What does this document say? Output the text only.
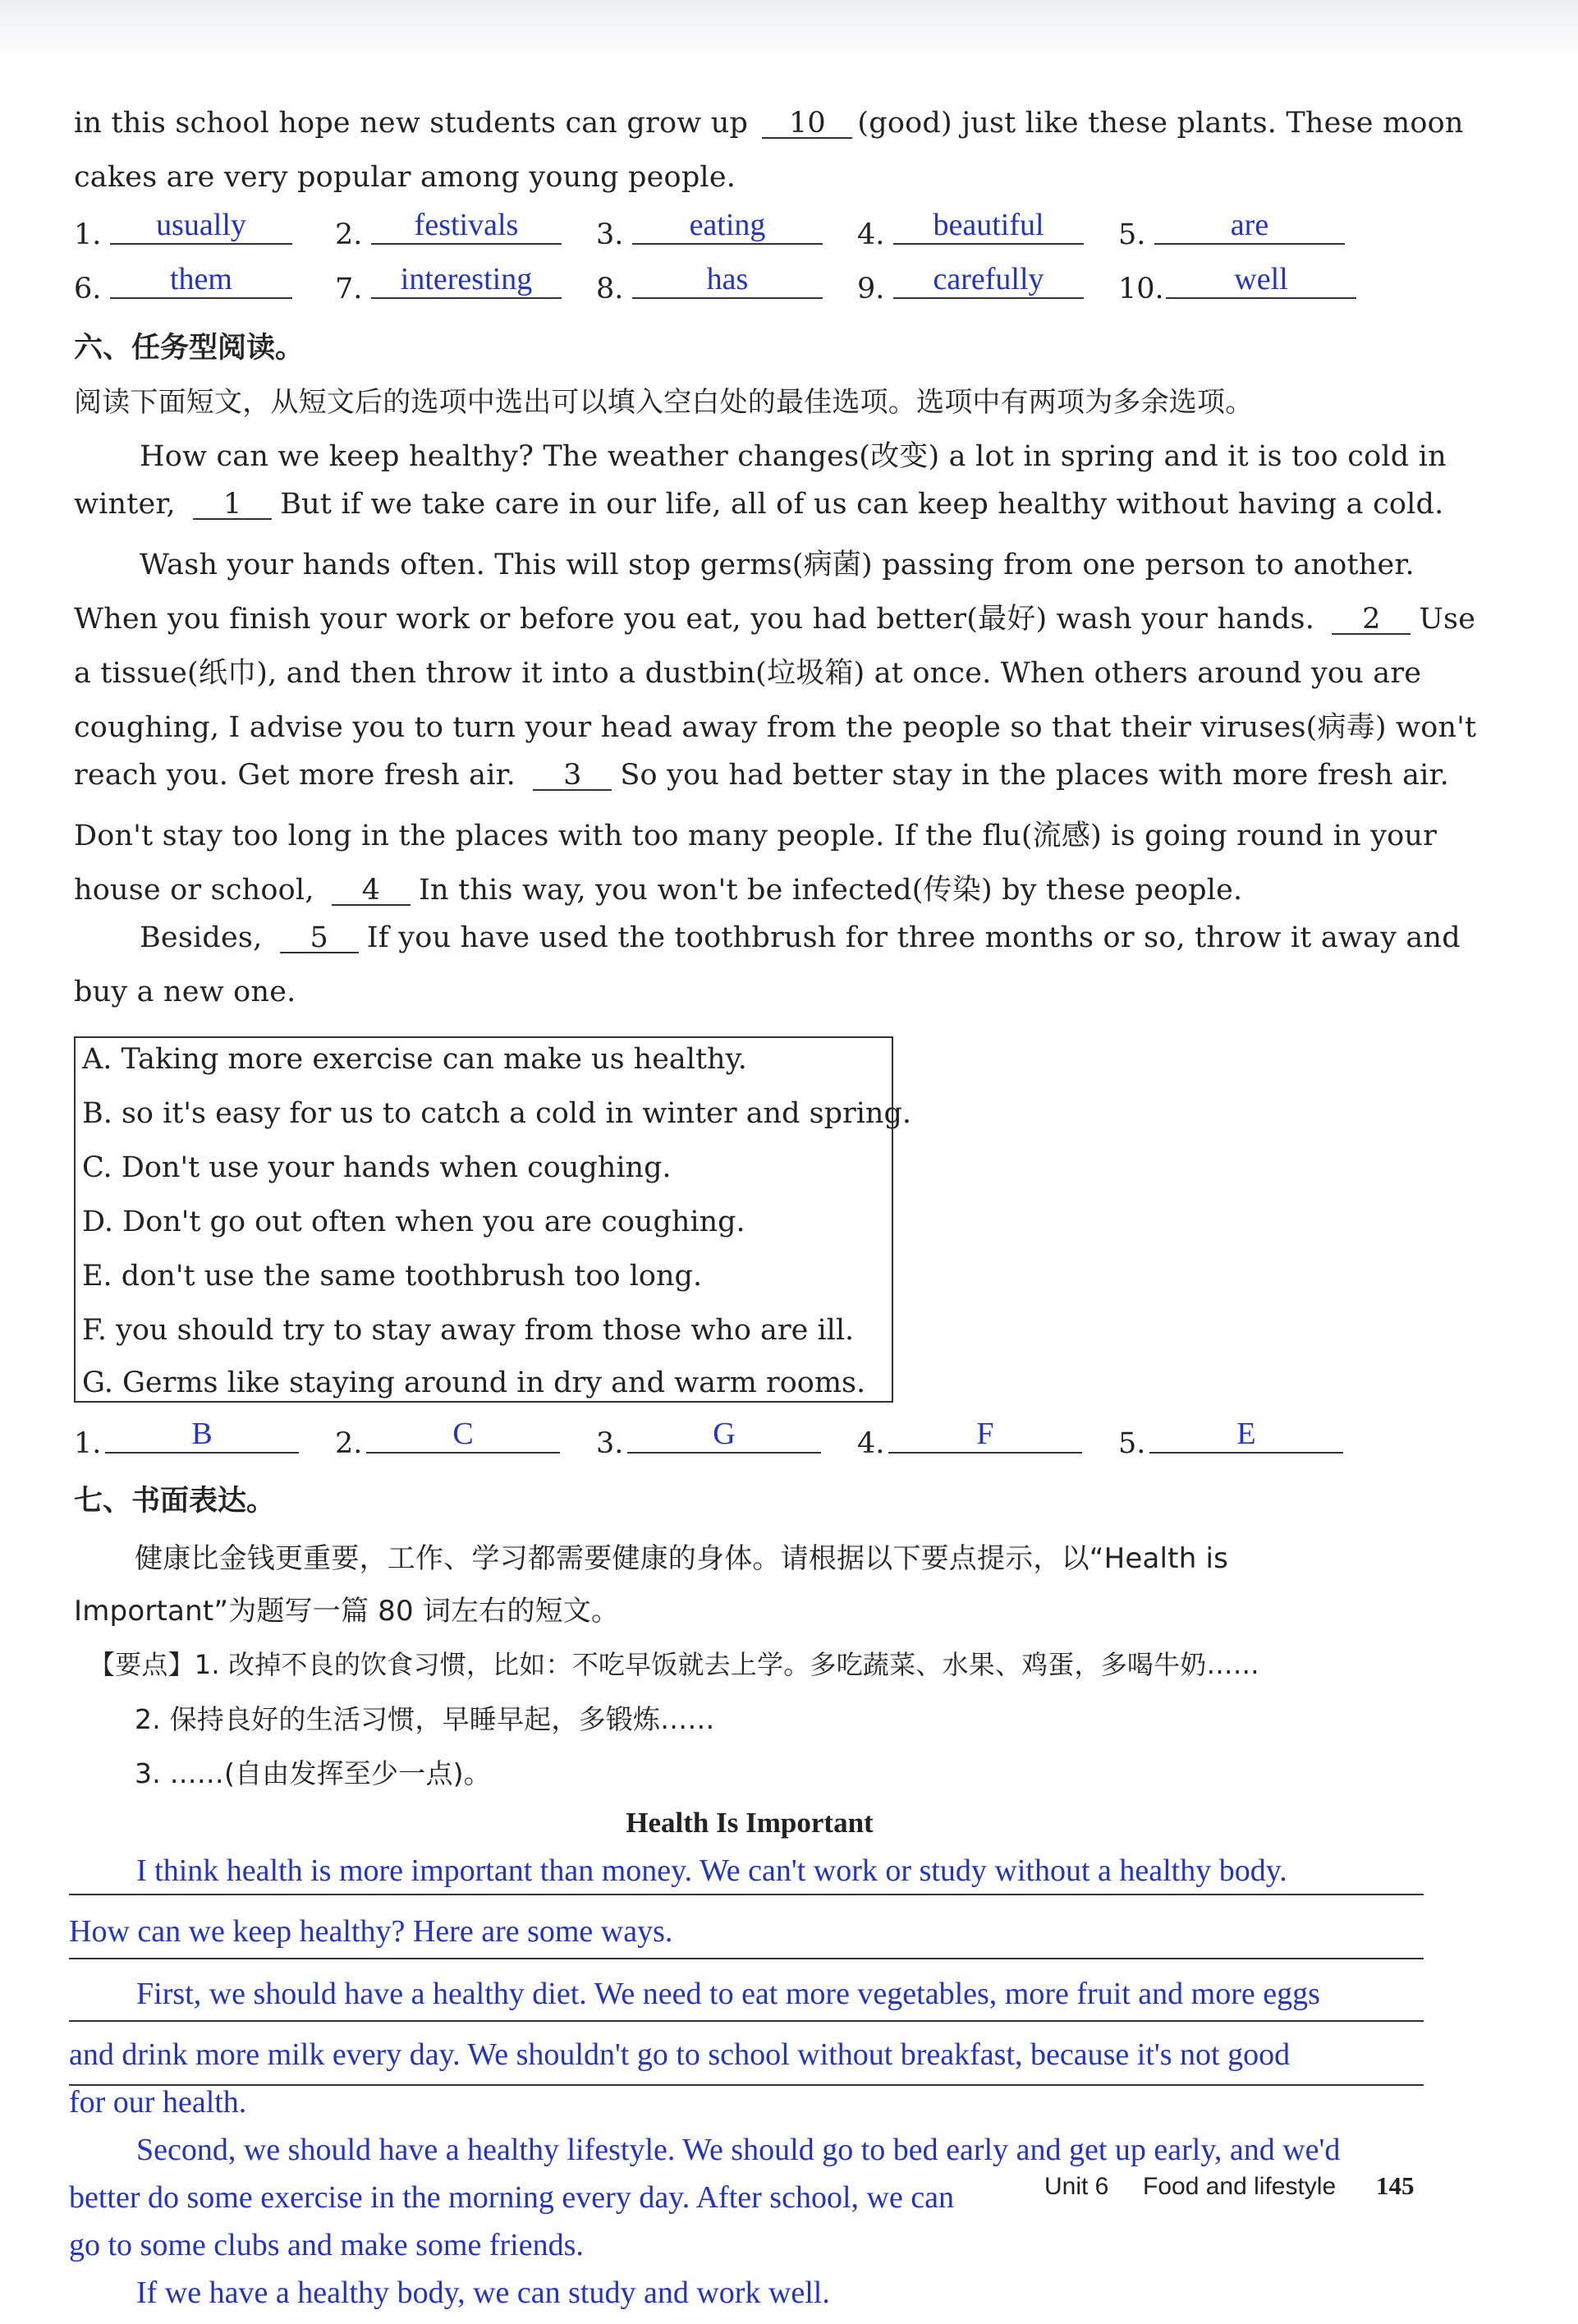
in this school hope new students can grow up 10 (good) just like these plants. These moon
cakes are very popular among young people.
1.	usually	2.	festivals	3.	eating	4.	beautiful	5.	are
6.	them	7.	interesting	8.	has	9.	carefully	10.	well
六、任务型阅读。
阅读下面短文，从短文后的选项中选出可以填入空白处的最佳选项。选项中有两项为多余选项。
How can we keep healthy? The weather changes(改变) a lot in spring and it is too cold in
winter, 1 But if we take care in our life, all of us can keep healthy without having a cold.
Wash your hands often. This will stop germs(病菌) passing from one person to another.
When you finish your work or before you eat, you had better(最好) wash your hands. 2 Use
a tissue(纸巾), and then throw it into a dustbin(垃圾箱) at once. When others around you are
coughing, I advise you to turn your head away from the people so that their viruses(病毒) won't
reach you. Get more fresh air. 3 So you had better stay in the places with more fresh air.
Don't stay too long in the places with too many people. If the flu(流感) is going round in your
house or school, 4 In this way, you won't be infected(传染) by these people.
Besides, 5 If you have used the toothbrush for three months or so, throw it away and
buy a new one.
A. Taking more exercise can make us healthy.
B. so it's easy for us to catch a cold in winter and spring.
C. Don't use your hands when coughing.
D. Don't go out often when you are coughing.
E. don't use the same toothbrush too long.
F. you should try to stay away from those who are ill.
G. Germs like staying around in dry and warm rooms.
1.	B	2.	C	3.	G	4.	F	5.	E
七、书面表达。
健康比金钱更重要，工作、学习都需要健康的身体。请根据以下要点提示，以“Health is
Important”为题写一篇 80 词左右的短文。
【要点】1. 改掉不良的饮食习惯，比如：不吃早饭就去上学。多吃蔬菜、水果、鸡蛋，多喝牛奶……
2. 保持良好的生活习惯，早睡早起，多锻炼……
3. ……(自由发挥至少一点)。
Health Is Important
I think health is more important than money. We can't work or study without a healthy body.
How can we keep healthy? Here are some ways.
First, we should have a healthy diet. We need to eat more vegetables, more fruit and more eggs
and drink more milk every day. We shouldn't go to school without breakfast, because it's not good
for our health.
Second, we should have a healthy lifestyle. We should go to bed early and get up early, and we'd
better do some exercise in the morning every day. After school, we can
go to some clubs and make some friends.
If we have a healthy body, we can study and work well.
Unit 6 Food and lifestyle 145
